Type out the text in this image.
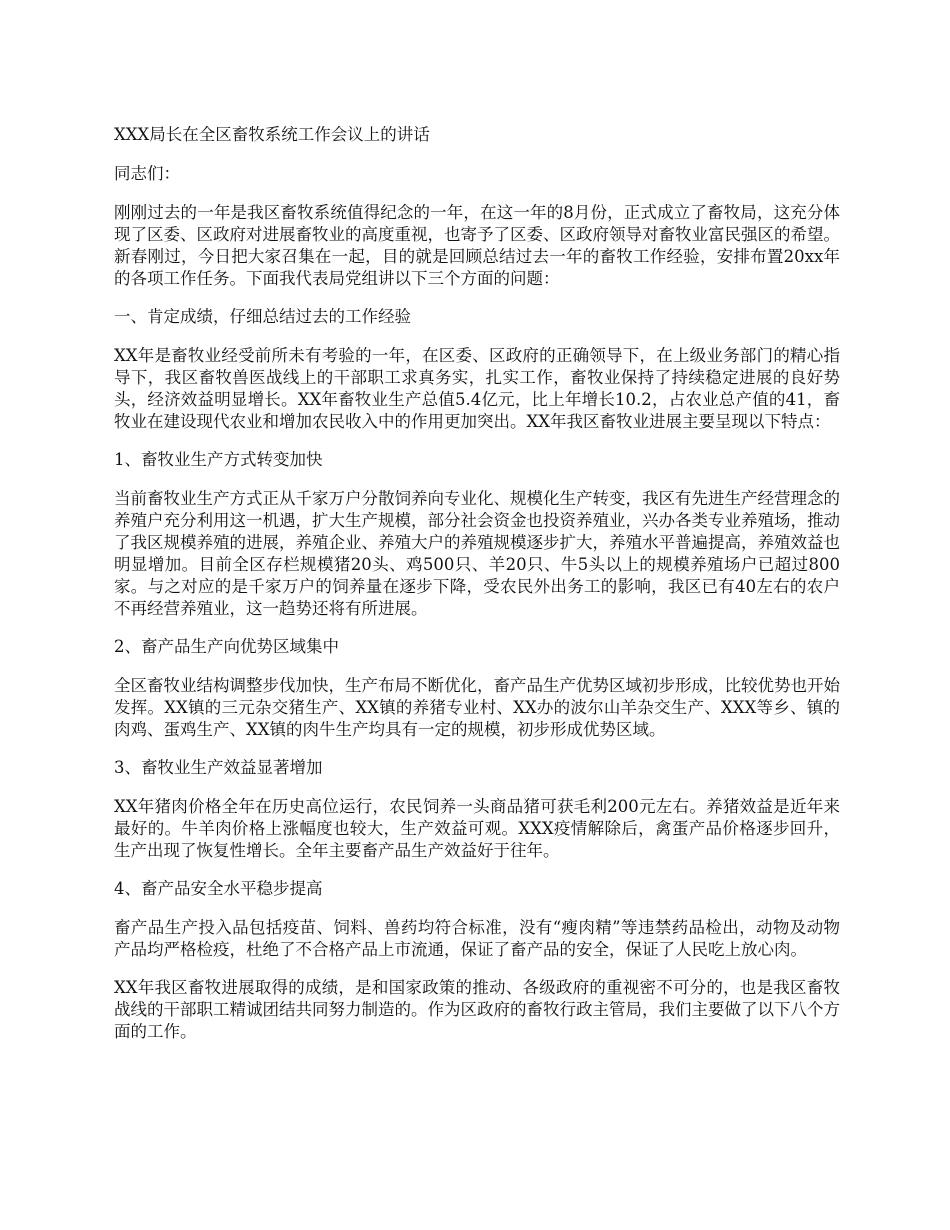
XXX局长在全区畜牧系统工作会议上的讲话

同志们：

刚刚过去的一年是我区畜牧系统值得纪念的一年，在这一年的8月份，正式成立了畜牧局，这充分体现了区委、区政府对进展畜牧业的高度重视，也寄予了区委、区政府领导对畜牧业富民强区的希望。新春刚过，今日把大家召集在一起，目的就是回顾总结过去一年的畜牧工作经验，安排布置20xx年的各项工作任务。下面我代表局党组讲以下三个方面的问题：

一、肯定成绩，仔细总结过去的工作经验

XX年是畜牧业经受前所未有考验的一年，在区委、区政府的正确领导下，在上级业务部门的精心指导下，我区畜牧兽医战线上的干部职工求真务实，扎实工作，畜牧业保持了持续稳定进展的良好势头，经济效益明显增长。XX年畜牧业生产总值5.4亿元，比上年增长10.2，占农业总产值的41，畜牧业在建设现代农业和增加农民收入中的作用更加突出。XX年我区畜牧业进展主要呈现以下特点：

1、畜牧业生产方式转变加快

当前畜牧业生产方式正从千家万户分散饲养向专业化、规模化生产转变，我区有先进生产经营理念的养殖户充分利用这一机遇，扩大生产规模，部分社会资金也投资养殖业，兴办各类专业养殖场，推动了我区规模养殖的进展，养殖企业、养殖大户的养殖规模逐步扩大，养殖水平普遍提高，养殖效益也明显增加。目前全区存栏规模猪20头、鸡500只、羊20只、牛5头以上的规模养殖场户已超过800家。与之对应的是千家万户的饲养量在逐步下降，受农民外出务工的影响，我区已有40左右的农户不再经营养殖业，这一趋势还将有所进展。

2、畜产品生产向优势区域集中

全区畜牧业结构调整步伐加快，生产布局不断优化，畜产品生产优势区域初步形成，比较优势也开始发挥。XX镇的三元杂交猪生产、XX镇的养猪专业村、XX办的波尔山羊杂交生产、XXX等乡、镇的肉鸡、蛋鸡生产、XX镇的肉牛生产均具有一定的规模，初步形成优势区域。

3、畜牧业生产效益显著增加

XX年猪肉价格全年在历史高位运行，农民饲养一头商品猪可获毛利200元左右。养猪效益是近年来最好的。牛羊肉价格上涨幅度也较大，生产效益可观。XXX疫情解除后，禽蛋产品价格逐步回升，生产出现了恢复性增长。全年主要畜产品生产效益好于往年。

4、畜产品安全水平稳步提高

畜产品生产投入品包括疫苗、饲料、兽药均符合标准，没有“瘦肉精”等违禁药品检出，动物及动物产品均严格检疫，杜绝了不合格产品上市流通，保证了畜产品的安全，保证了人民吃上放心肉。

XX年我区畜牧进展取得的成绩，是和国家政策的推动、各级政府的重视密不可分的，也是我区畜牧战线的干部职工精诚团结共同努力制造的。作为区政府的畜牧行政主管局，我们主要做了以下八个方面的工作。
